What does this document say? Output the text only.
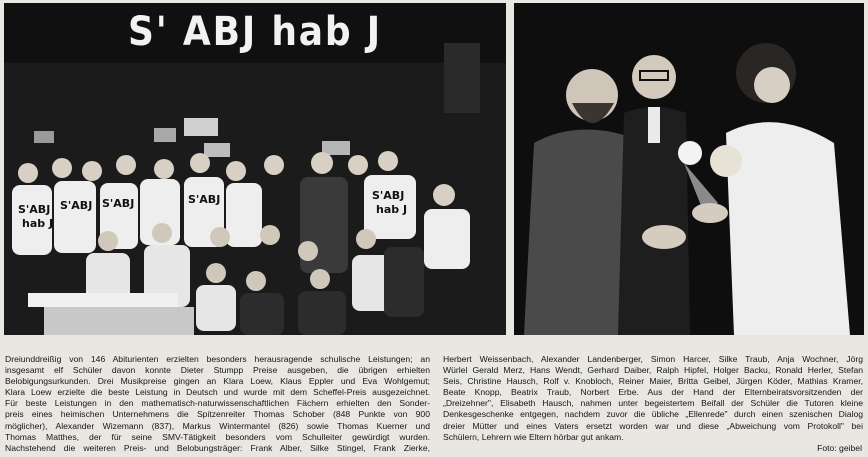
S' ABJ hab J
S'ABJ
hab J
S'ABJ S'ABJ	S'ABJ	S'ABJ
hab J
Dreiunddreißig von 146 Abiturienten erzielten besonders herausragende schulische Leistungen; an
insgesamt elf Schüler davon konnte Dieter Stumpp Preise ausgeben, die übrigen erhielten
Belobigungsurkunden. Drei Musikpreise gingen an Klara Loew, Klaus Eppler und Eva Wohlgemut;
Klara Loew erzielte die beste Leistung in Deutsch und wurde mit dem Scheffel-Preis ausgezeichnet.
Für beste Leistungen in den mathematisch-naturwissenschaftlichen Fächern erhielten den Sonder-
preis eines heimischen Unternehmens die Spitzenreiter Thomas Schober (848 Punkte von 900
möglicher), Alexander Wizemann (837), Markus Wintermantel (826) sowie Thomas Kuerner und
Thomas Matthes, der für seine SMV-Tätigkeit besonders vom Schulleiter gewürdigt wurden.
Nachstehend die weiteren Preis- und Belobungsträger: Frank Alber, Silke Stingel, Frank Zierke,
Herbert Weissenbach, Alexander Landenberger, Simon Harcer, Silke Traub, Anja Wochner, Jörg
Würlel Gerald Merz, Hans Wendt, Gerhard Daiber, Ralph Hipfel, Holger Backu, Ronald Herler, Stefan
Seis, Christine Hausch, Rolf v. Knobloch, Reiner Maier, Britta Geibel, Jürgen Köder, Mathias Kramer,
Beate Knopp, Beatrix Traub, Norbert Erbe. Aus der Hand der Elternbeiratsvorsitzenden der
„Dreizehner", Elisabeth Hausch, nahmen unter begeistertem Beifall der Schüler die Tutoren kleine
Denkesgeschenke entgegen, nachdem zuvor die übliche „Ellenrede" durch einen szenischen Dialog
dreier Mütter und eines Vaters ersetzt worden war und diese „Abweichung vom Protokoll" bei
Schülern, Lehrern wie Eltern hörbar gut ankam.
Foto: geibel
